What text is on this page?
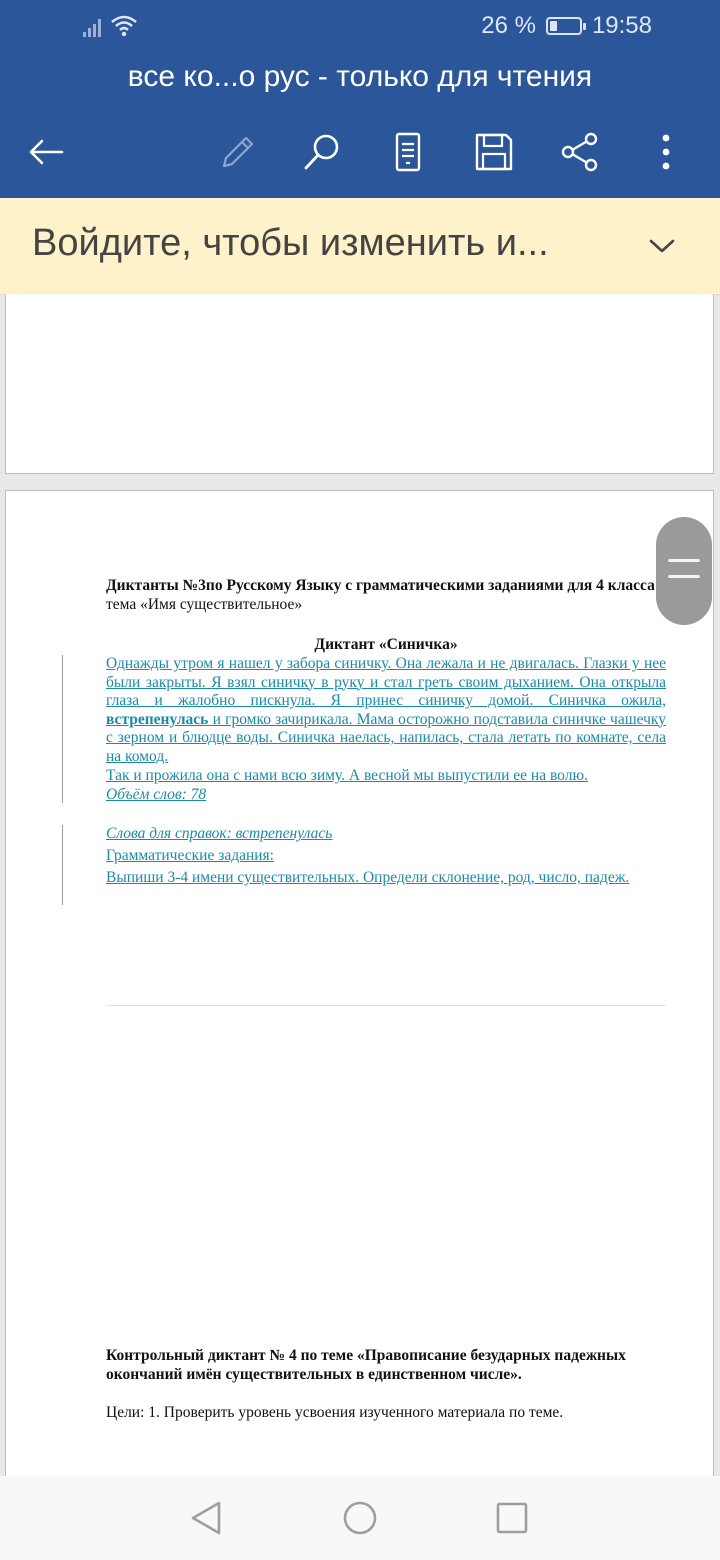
26 % 19:58
все ко...о рус - только для чтения
Войдите, чтобы изменить и...
Диктанты №3по Русскому Языку с грамматическими заданиями для 4 класса тема «Имя существительное»
Диктант «Синичка»
Однажды утром я нашел у забора синичку. Она лежала и не двигалась. Глазки у нее были закрыты. Я взял синичку в руку и стал греть своим дыханием. Она открыла глаза и жалобно пискнула. Я принес синичку домой. Синичка ожила, встрепенулась и громко зачирикала. Мама осторожно подставила синичке чашечку с зерном и блюдце воды. Синичка наелась, напилась, стала летать по комнате, села на комод.
Так и прожила она с нами всю зиму. А весной мы выпустили ее на волю.
Объём слов: 78
Слова для справок: встрепенулась
Грамматические задания:
Выпиши 3-4 имени существительных. Определи склонение, род, число, падеж.
Контрольный диктант № 4 по теме «Правописание безударных падежных окончаний имён существительных в единственном числе».
Цели: 1. Проверить уровень усвоения изученного материала по теме.
